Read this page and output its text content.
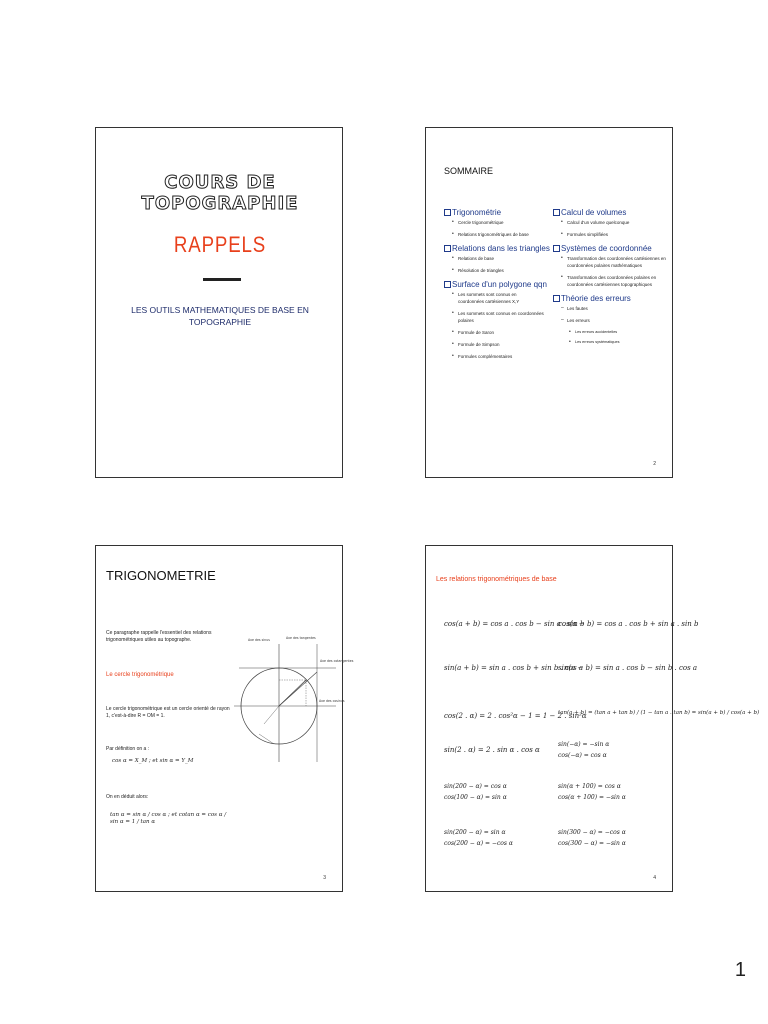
COURS DE TOPOGRAPHIE
RAPPELS
LES OUTILS MATHEMATIQUES DE BASE EN TOPOGRAPHIE
SOMMAIRE
Trigonométrie
• Cercle trigonométrique
• Relations trigonométriques de base
Relations dans les triangles
• Relations de base
• Résolution de triangles
Surface d'un polygone qqn
• Les sommets sont connus en coordonnées cartésiennes X,Y
• Les sommets sont connus en coordonnées polaires
• Formule de Saron
• Formule de Simpson
• Formules complémentaires
Calcul de volumes
• Calcul d'un volume quelconque
• Formules simplifiées
Systèmes de coordonnée
• Transformation des coordonnées cartésiennes en coordonnées polaires mathématiques
• Transformation des coordonnées polaires en coordonnées cartésiennes topographiques
Théorie des erreurs
– Les fautes
– Les erreurs
• Les erreurs accidentelles
• Les erreurs systématiques
2
TRIGONOMETRIE
Ce paragraphe rappelle l'essentiel des relations trigonométriques utiles au topographe.
Le cercle trigonométrique
Le cercle trigonométrique est un cercle orienté de rayon 1, c'est-à-dire R = OM = 1.
Par définition on a :
cos α = X_M ; et sin α = Y_M
On en déduit alors:
tan α = sin α / cos α ; et cotan α = cos α / sin α = 1 / tan α
Axe des sinus	Axe des tangentes
Axe des cotangentes
Axe des cosinus
3
Les relations trigonométriques de base
cos(a + b) = cos a . cos b − sin a . sin b
cos(a − b) = cos a . cos b + sin a . sin b
sin(a + b) = sin a . cos b + sin b . cos a
sin(a − b) = sin a . cos b − sin b . cos a
cos(2 . α) = 2 . cos²α − 1 = 1 − 2 . sin²α
tan(a + b) = (tan a + tan b) / (1 − tan a . tan b) = sin(a + b) / cos(a + b)
sin(2 . α) = 2 . sin α . cos α
sin(−α) = −sin α
cos(−α) = cos α
sin(200 − α) = cos α
cos(100 − α) = sin α
sin(α + 100) = cos α
cos(α + 100) = −sin α
sin(200 − α) = sin α
cos(200 − α) = −cos α
sin(300 − α) = −cos α
cos(300 − α) = −sin α
4
1
